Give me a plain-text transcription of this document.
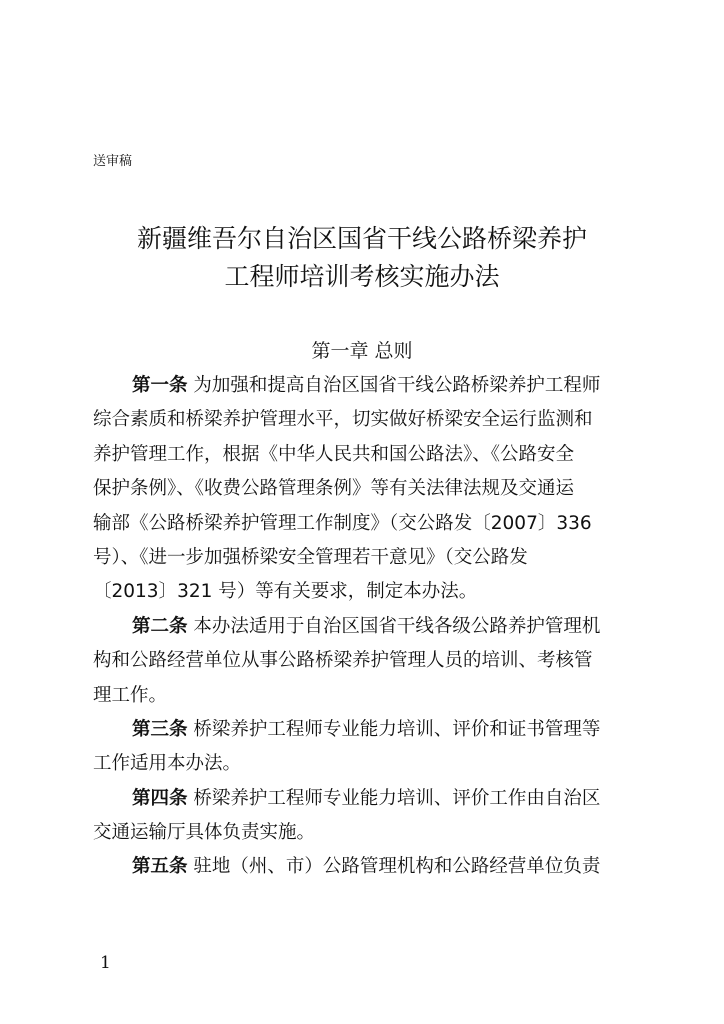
送审稿
新疆维吾尔自治区国省干线公路桥梁养护
工程师培训考核实施办法
第一章 总则
第一条 为加强和提高自治区国省干线公路桥梁养护工程师
综合素质和桥梁养护管理水平，切实做好桥梁安全运行监测和
养护管理工作，根据《中华人民共和国公路法》、《公路安全
保护条例》、《收费公路管理条例》等有关法律法规及交通运
输部《公路桥梁养护管理工作制度》（交公路发〔2007〕336
号）、《进一步加强桥梁安全管理若干意见》（交公路发
〔2013〕321 号）等有关要求，制定本办法。
第二条 本办法适用于自治区国省干线各级公路养护管理机
构和公路经营单位从事公路桥梁养护管理人员的培训、考核管
理工作。
第三条 桥梁养护工程师专业能力培训、评价和证书管理等
工作适用本办法。
第四条 桥梁养护工程师专业能力培训、评价工作由自治区
交通运输厅具体负责实施。
第五条 驻地（州、市）公路管理机构和公路经营单位负责
1
